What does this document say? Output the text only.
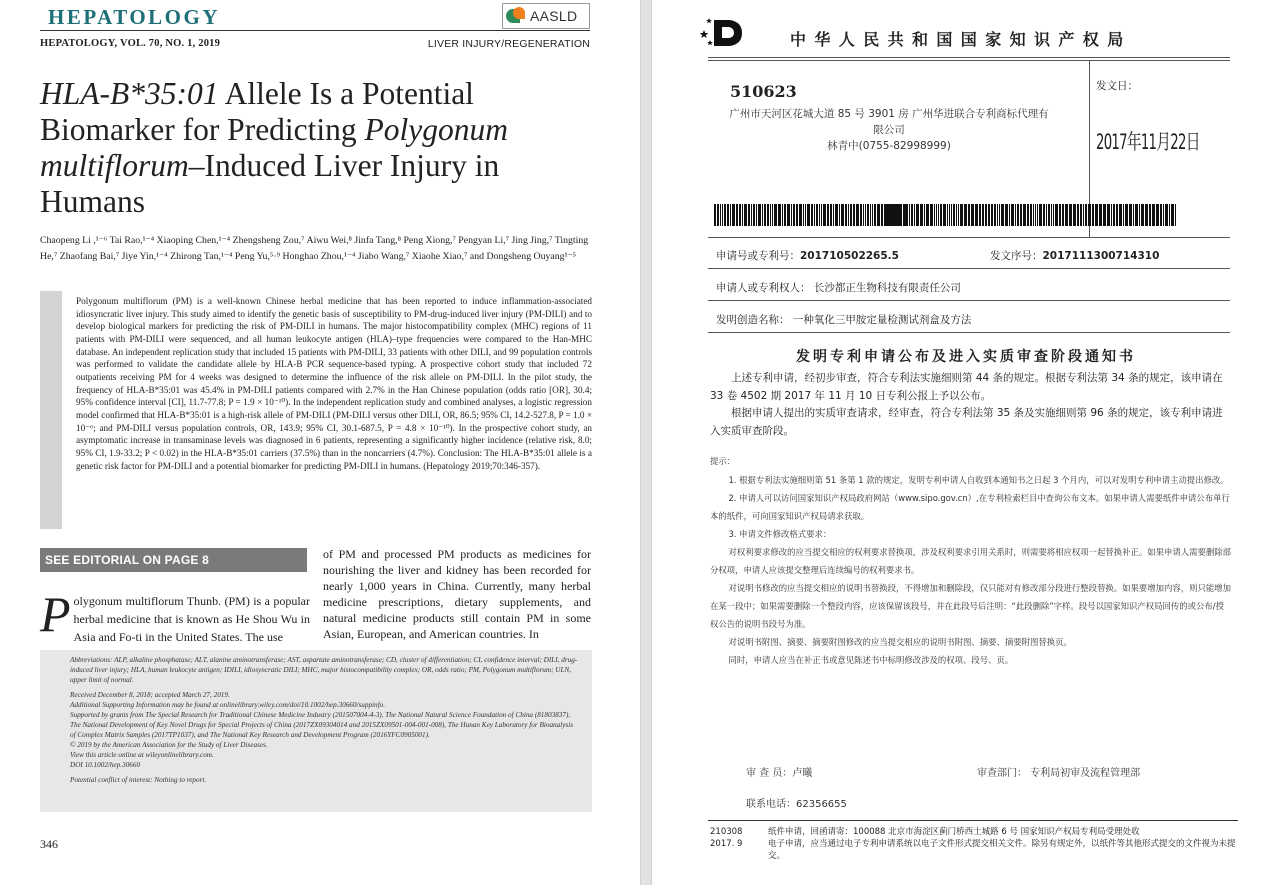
HEPATOLOGY	AASLD
HEPATOLOGY, VOL. 70, NO. 1, 2019	LIVER INJURY/REGENERATION
HLA-B*35:01 Allele Is a Potential Biomarker for Predicting Polygonum multiflorum–Induced Liver Injury in Humans
Chaopeng Li ,¹⁻⁶ Tai Rao,¹⁻⁴ Xiaoping Chen,¹⁻⁴ Zhengsheng Zou,⁷ Aiwu Wei,⁸ Jinfa Tang,⁸ Peng Xiong,⁷ Pengyan Li,⁷ Jing Jing,⁷ Tingting He,⁷ Zhaofang Bai,⁷ Jiye Yin,¹⁻⁴ Zhirong Tan,¹⁻⁴ Peng Yu,⁵·⁹ Honghao Zhou,¹⁻⁴ Jiabo Wang,⁷ Xiaohe Xiao,⁷ and Dongsheng Ouyang¹⁻⁵

Polygonum multiflorum (PM) is a well-known Chinese herbal medicine that has been reported to induce inflammation-associated idiosyncratic liver injury. This study aimed to identify the genetic basis of susceptibility to PM-drug-induced liver injury (PM-DILI) and to develop biological markers for predicting the risk of PM-DILI in humans. The major histocompatibility complex (MHC) regions of 11 patients with PM-DILI were sequenced, and all human leukocyte antigen (HLA)–type frequencies were compared to the Han-MHC database. An independent replication study that included 15 patients with PM-DILI, 33 patients with other DILI, and 99 population controls was performed to validate the candidate allele by HLA-B PCR sequence-based typing. A prospective cohort study that included 72 outpatients receiving PM for 4 weeks was designed to determine the influence of the risk allele on PM-DILI. In the pilot study, the frequency of HLA-B*35:01 was 45.4% in PM-DILI patients compared with 2.7% in the Han Chinese population (odds ratio [OR], 30.4; 95% confidence interval [CI], 11.7-77.8; P = 1.9 × 10⁻¹⁰). In the independent replication study and combined analyses, a logistic regression model confirmed that HLA-B*35:01 is a high-risk allele of PM-DILI (PM-DILI versus other DILI, OR, 86.5; 95% CI, 14.2-527.8, P = 1.0 × 10⁻⁶; and PM-DILI versus population controls, OR, 143.9; 95% CI, 30.1-687.5, P = 4.8 × 10⁻¹⁰). In the prospective cohort study, an asymptomatic increase in transaminase levels was diagnosed in 6 patients, representing a significantly higher incidence (relative risk, 8.0; 95% CI, 1.9-33.2; P < 0.02) in the HLA-B*35:01 carriers (37.5%) than in the noncarriers (4.7%). Conclusion: The HLA-B*35:01 allele is a genetic risk factor for PM-DILI and a potential biomarker for predicting PM-DILI in humans. (Hepatology 2019;70:346-357).

SEE EDITORIAL ON PAGE 8
Polygonum multiflorum Thunb. (PM) is a popular herbal medicine that is known as He Shou Wu in Asia and Fo-ti in the United States. The use
of PM and processed PM products as medicines for nourishing the liver and kidney has been recorded for nearly 1,000 years in China. Currently, many herbal medicine prescriptions, dietary supplements, and natural medicine products still contain PM in some Asian, European, and American countries. In

Abbreviations: ALP, alkaline phosphatase; ALT, alanine aminotransferase; AST, aspartate aminotransferase; CD, cluster of differentiation; CI, confidence interval; DILI, drug-induced liver injury; HLA, human leukocyte antigen; IDILI, idiosyncratic DILI; MHC, major histocompatibility complex; OR, odds ratio; PM, Polygonum multiflorum; ULN, upper limit of normal.

Received December 8, 2018; accepted March 27, 2019.

Additional Supporting Information may be found at onlinelibrary.wiley.com/doi/10.1002/hep.30660/suppinfo.

Supported by grants from The Special Research for Traditional Chinese Medicine Industry (201507004-4-3), The National Natural Science Foundation of China (81803837), The National Development of Key Novel Drugs for Special Projects of China (2017ZX09304014 and 2015ZX09501-004-001-008), The Hunan Key Laboratory for Bioanalysis of Complex Matrix Samples (2017TP1037), and The National Key Research and Development Program (2016YFC0905001).

© 2019 by the American Association for the Study of Liver Diseases.

View this article online at wileyonlinelibrary.com.

DOI 10.1002/hep.30660

Potential conflict of interest: Nothing to report.

346
中华人民共和国国家知识产权局
510623
广州市天河区花城大道 85 号 3901 房 广州华进联合专利商标代理有
限公司
林青中(0755-82998999)
发文日：
2017年11月22日
申请号或专利号：201710502265.5	发文序号：2017111300714310
申请人或专利权人： 长沙都正生物科技有限责任公司
发明创造名称： 一种氧化三甲胺定量检测试剂盒及方法
发明专利申请公布及进入实质审查阶段通知书

上述专利申请，经初步审查，符合专利法实施细则第 44 条的规定。根据专利法第 34 条的规定，该申请在 33 卷 4502 期 2017 年 11 月 10 日专利公报上予以公布。

根据申请人提出的实质审查请求，经审查，符合专利法第 35 条及实施细则第 96 条的规定，该专利申请进入实质审查阶段。

提示：
1. 根据专利法实施细则第 51 条第 1 款的规定，发明专利申请人自收到本通知书之日起 3 个月内，可以对发明专利申请主动提出修改。
2. 申请人可以访问国家知识产权局政府网站（www.sipo.gov.cn）,在专利检索栏目中查询公布文本。如果申请人需要纸件申请公布单行本的纸件，可向国家知识产权局请求获取。
3. 申请文件修改格式要求：
对权利要求修改的应当提交相应的权利要求替换项，涉及权利要求引用关系时，则需要将相应权项一起替换补正。如果申请人需要删除部分权项，申请人应该提交整理后连续编号的权利要求书。
对说明书修改的应当提交相应的说明书替换段，不得增加和删除段，仅只能对有修改部分段进行整段替换。如果要增加内容，则只能增加在某一段中；如果需要删除一个整段内容，应该保留该段号，并在此段号后注明：“此段删除”字样。段号以国家知识产权局回传的或公布/授权公告的说明书段号为准。
对说明书附图、摘要、摘要附图修改的应当提交相应的说明书附图、摘要、摘要附图替换页。
同时，申请人应当在补正书或意见陈述书中标明修改涉及的权项、段号、页。
审 查 员：卢曦	审查部门： 专利局初审及流程管理部
联系电话：62356655
210308
2017. 9
纸件申请，回函请寄：100088 北京市海淀区蓟门桥西土城路 6 号 国家知识产权局专利局受理处收
电子申请，应当通过电子专利申请系统以电子文件形式提交相关文件。除另有规定外，以纸件等其他形式提交的文件视为未提交。
